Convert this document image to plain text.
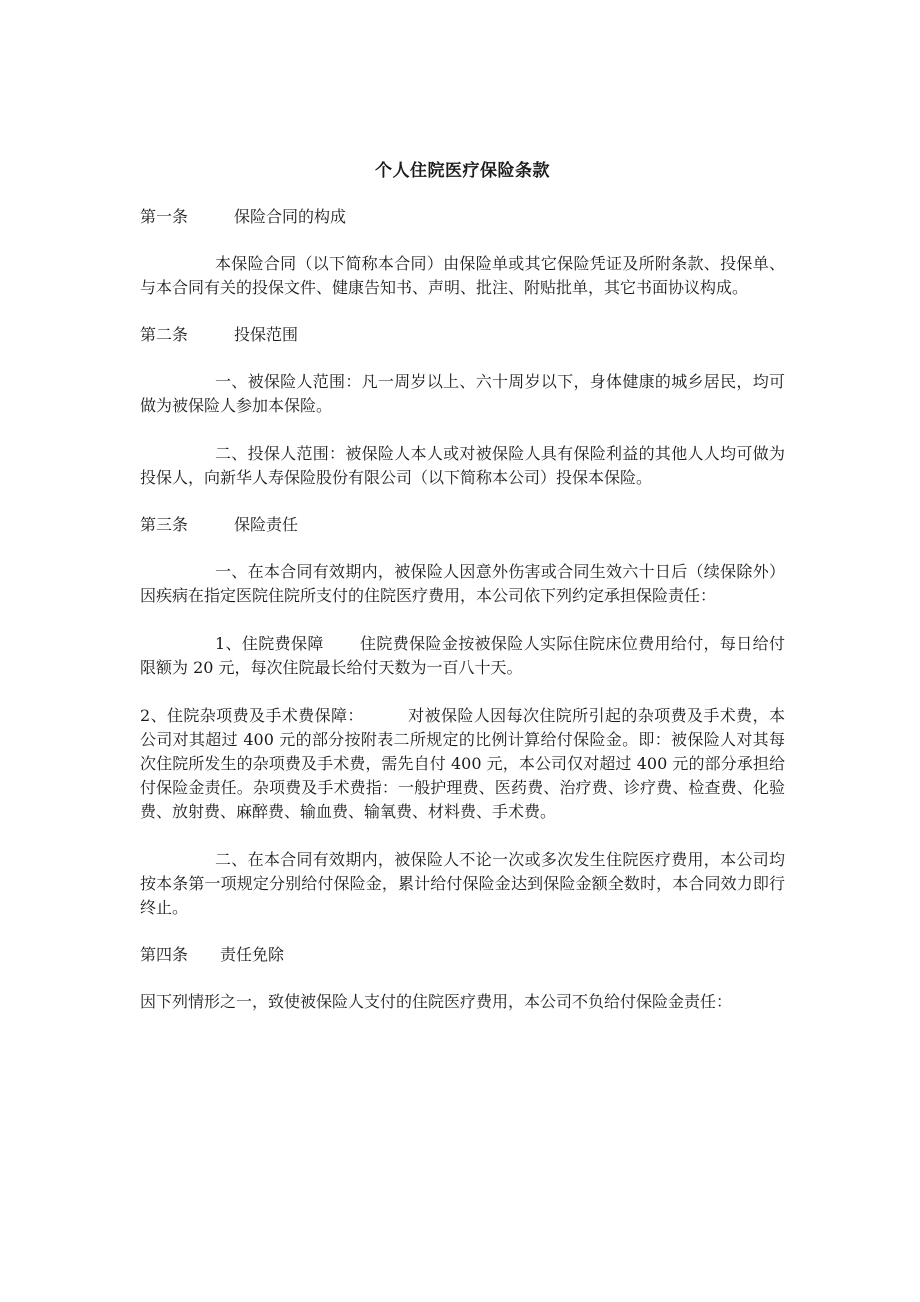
个人住院医疗保险条款
第一条	保险合同的构成

本保险合同（以下简称本合同）由保险单或其它保险凭证及所附条款、投保单、与本合同有关的投保文件、健康告知书、声明、批注、附贴批单，其它书面协议构成。

第二条	投保范围

一、被保险人范围：凡一周岁以上、六十周岁以下，身体健康的城乡居民，均可做为被保险人参加本保险。

二、投保人范围：被保险人本人或对被保险人具有保险利益的其他人人均可做为投保人，向新华人寿保险股份有限公司（以下简称本公司）投保本保险。

第三条	保险责任

一、在本合同有效期内，被保险人因意外伤害或合同生效六十日后（续保除外）因疾病在指定医院住院所支付的住院医疗费用，本公司依下列约定承担保险责任：

1、住院费保障 住院费保险金按被保险人实际住院床位费用给付，每日给付限额为 20 元，每次住院最长给付天数为一百八十天。

2、住院杂项费及手术费保障：	对被保险人因每次住院所引起的杂项费及手术费，本公司对其超过 400 元的部分按附表二所规定的比例计算给付保险金。即：被保险人对其每次住院所发生的杂项费及手术费，需先自付 400 元，本公司仅对超过 400 元的部分承担给付保险金责任。杂项费及手术费指：一般护理费、医药费、治疗费、诊疗费、检查费、化验费、放射费、麻醉费、输血费、输氧费、材料费、手术费。

二、在本合同有效期内，被保险人不论一次或多次发生住院医疗费用，本公司均按本条第一项规定分别给付保险金，累计给付保险金达到保险金额全数时，本合同效力即行终止。

第四条 责任免除

因下列情形之一，致使被保险人支付的住院医疗费用，本公司不负给付保险金责任：
